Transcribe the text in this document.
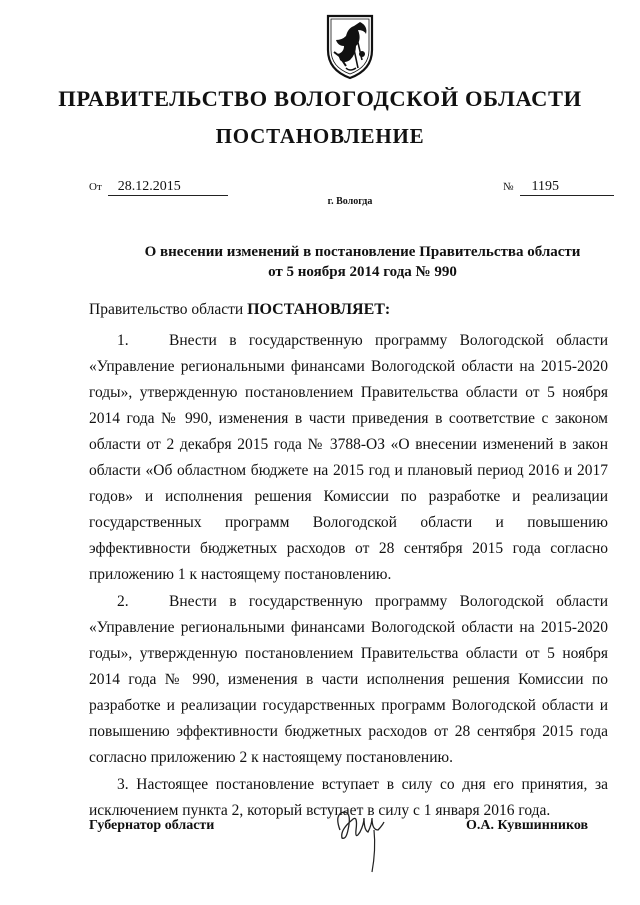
ПРАВИТЕЛЬСТВО ВОЛОГОДСКОЙ ОБЛАСТИ
ПОСТАНОВЛЕНИЕ
От 28.12.2015	№ 1195
г. Вологда
О внесении изменений в постановление Правительства области
от 5 ноября 2014 года № 990

Правительство области ПОСТАНОВЛЯЕТ:

1.	Внести в государственную программу Вологодской области «Управление региональными финансами Вологодской области на 2015-2020 годы», утвержденную постановлением Правительства области от 5 ноября 2014 года № 990, изменения в части приведения в соответствие с законом области от 2 декабря 2015 года № 3788-ОЗ «О внесении изменений в закон области «Об областном бюджете на 2015 год и плановый период 2016 и 2017 годов» и исполнения решения Комиссии по разработке и реализации государственных программ Вологодской области и повышению эффективности бюджетных расходов от 28 сентября 2015 года согласно приложению 1 к настоящему постановлению.

2.	Внести в государственную программу Вологодской области «Управление региональными финансами Вологодской области на 2015-2020 годы», утвержденную постановлением Правительства области от 5 ноября 2014 года № 990, изменения в части исполнения решения Комиссии по разработке и реализации государственных программ Вологодской области и повышению эффективности бюджетных расходов от 28 сентября 2015 года согласно приложению 2 к настоящему постановлению.

3. Настоящее постановление вступает в силу со дня его принятия, за исключением пункта 2, который вступает в силу с 1 января 2016 года.

Губернатор области	О.А. Кувшинников
